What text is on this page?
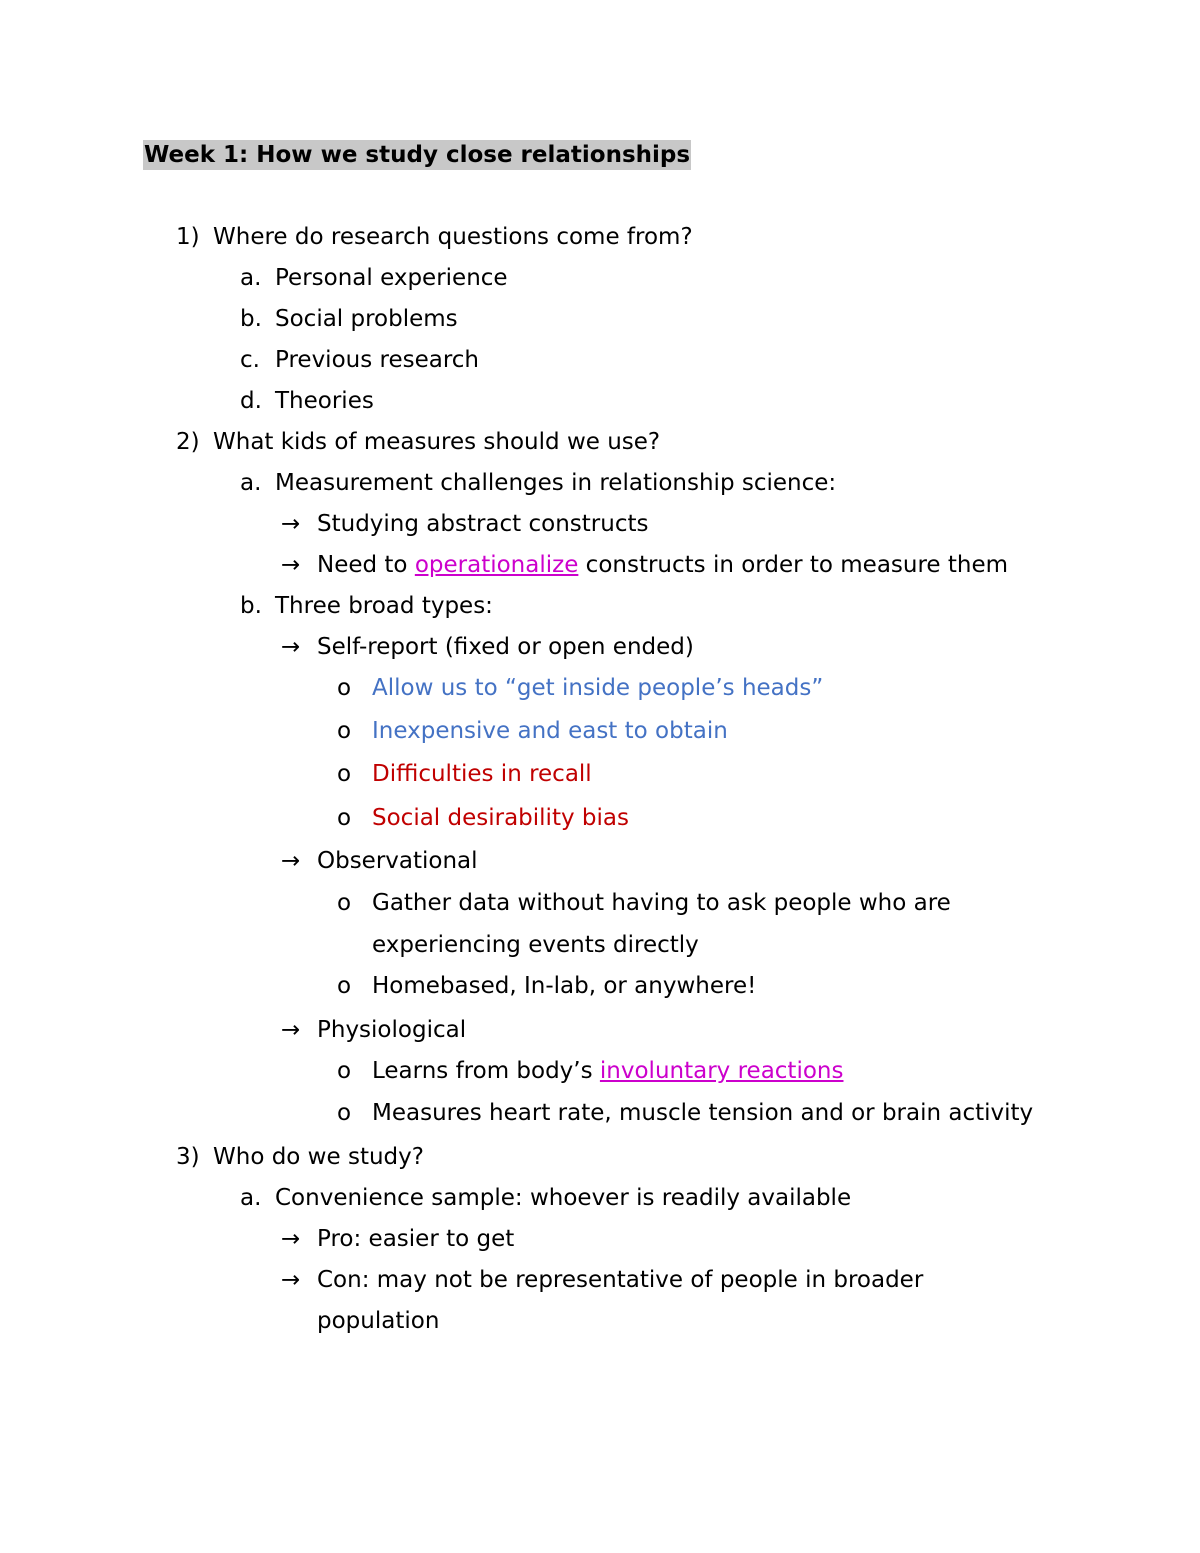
Week 1: How we study close relationships
1) Where do research questions come from?
a. Personal experience
b. Social problems
c. Previous research
d. Theories
2) What kids of measures should we use?
a. Measurement challenges in relationship science:
→ Studying abstract constructs
→ Need to operationalize constructs in order to measure them
b. Three broad types:
→ Self-report (fixed or open ended)
o Allow us to “get inside people’s heads”
o Inexpensive and east to obtain
o Difficulties in recall
o Social desirability bias
→ Observational
o Gather data without having to ask people who are
experiencing events directly
o Homebased, In-lab, or anywhere!
→ Physiological
o Learns from body’s involuntary reactions
o Measures heart rate, muscle tension and or brain activity
3) Who do we study?
a. Convenience sample: whoever is readily available
→ Pro: easier to get
→ Con: may not be representative of people in broader
population
